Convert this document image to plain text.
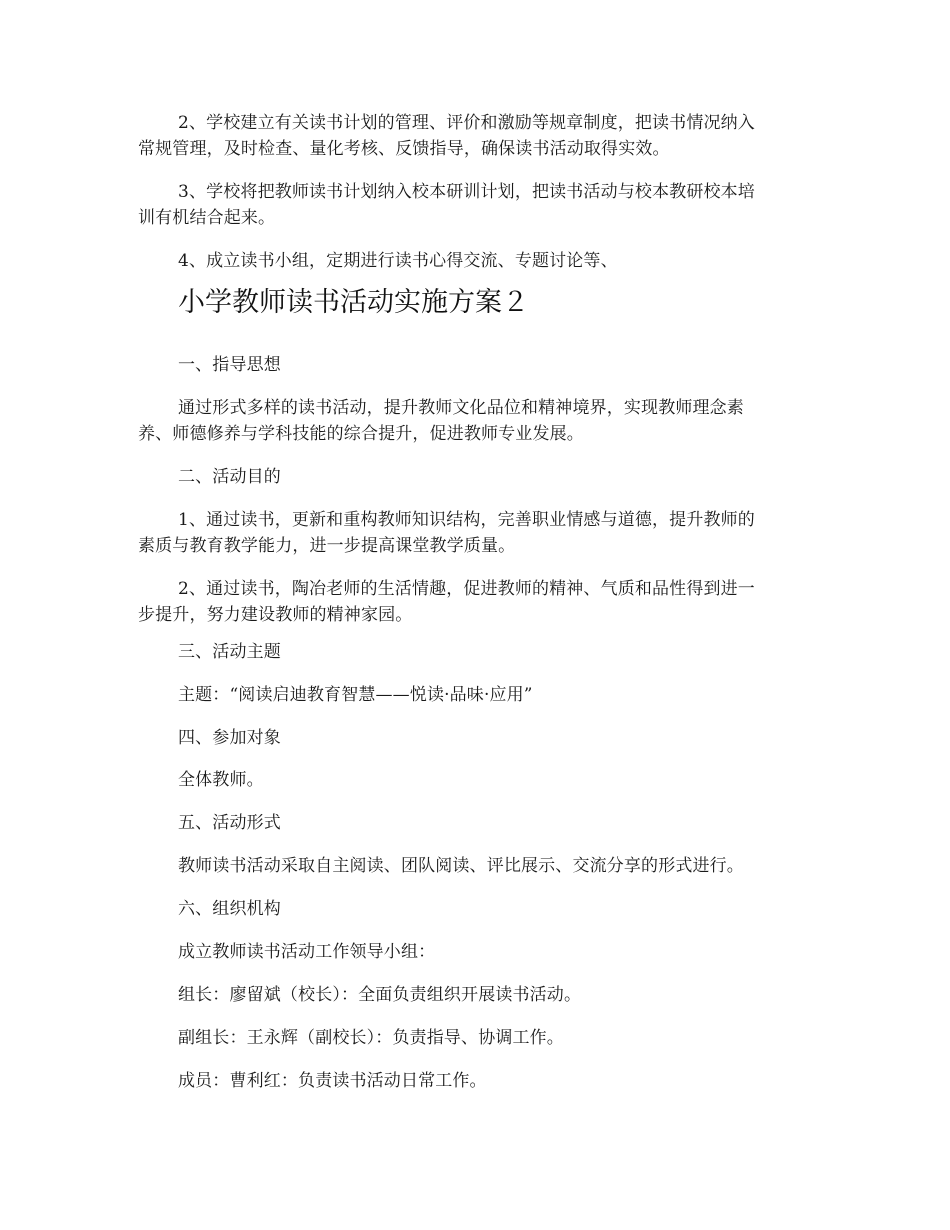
2、学校建立有关读书计划的管理、评价和激励等规章制度，把读书情况纳入
常规管理，及时检查、量化考核、反馈指导，确保读书活动取得实效。
3、学校将把教师读书计划纳入校本研训计划，把读书活动与校本教研校本培
训有机结合起来。
4、成立读书小组，定期进行读书心得交流、专题讨论等、
小学教师读书活动实施方案２
一、指导思想
通过形式多样的读书活动，提升教师文化品位和精神境界，实现教师理念素
养、师德修养与学科技能的综合提升，促进教师专业发展。
二、活动目的
1、通过读书，更新和重构教师知识结构，完善职业情感与道德，提升教师的
素质与教育教学能力，进一步提高课堂教学质量。
2、通过读书，陶冶老师的生活情趣，促进教师的精神、气质和品性得到进一
步提升，努力建设教师的精神家园。
三、活动主题
主题：“阅读启迪教育智慧——悦读·品味·应用”
四、参加对象
全体教师。
五、活动形式
教师读书活动采取自主阅读、团队阅读、评比展示、交流分享的形式进行。
六、组织机构
成立教师读书活动工作领导小组：
组长：廖留斌（校长）：全面负责组织开展读书活动。
副组长：王永辉（副校长）：负责指导、协调工作。
成员：曹利红：负责读书活动日常工作。
